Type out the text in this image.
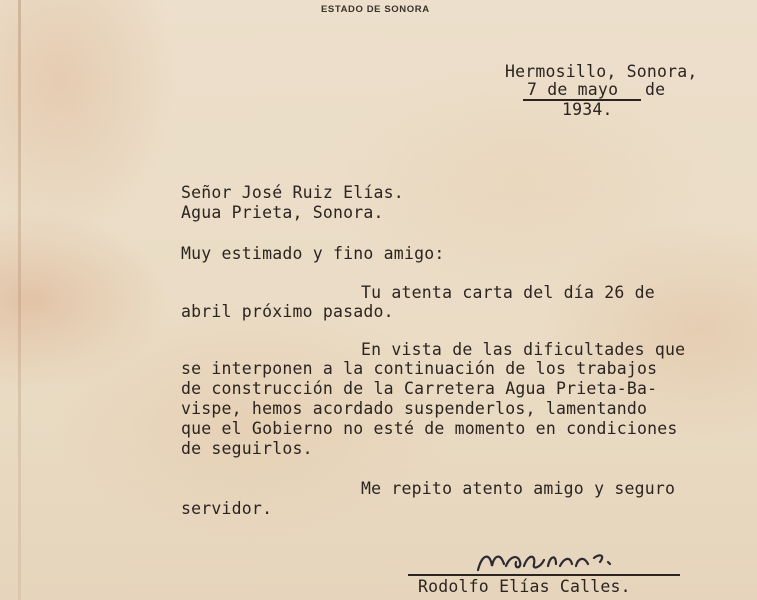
ESTADO DE SONORA
Hermosillo, Sonora,
7 de mayo de
1934.
Señor José Ruiz Elías.
Agua Prieta, Sonora.
Muy estimado y fino amigo:
Tu atenta carta del día 26 de
abril próximo pasado.
En vista de las dificultades que
se interponen a la continuación de los trabajos
de construcción de la Carretera Agua Prieta-Ba-
vispe, hemos acordado suspenderlos, lamentando
que el Gobierno no esté de momento en condiciones
de seguirlos.
Me repito atento amigo y seguro
servidor.
Rodolfo Elías Calles.
